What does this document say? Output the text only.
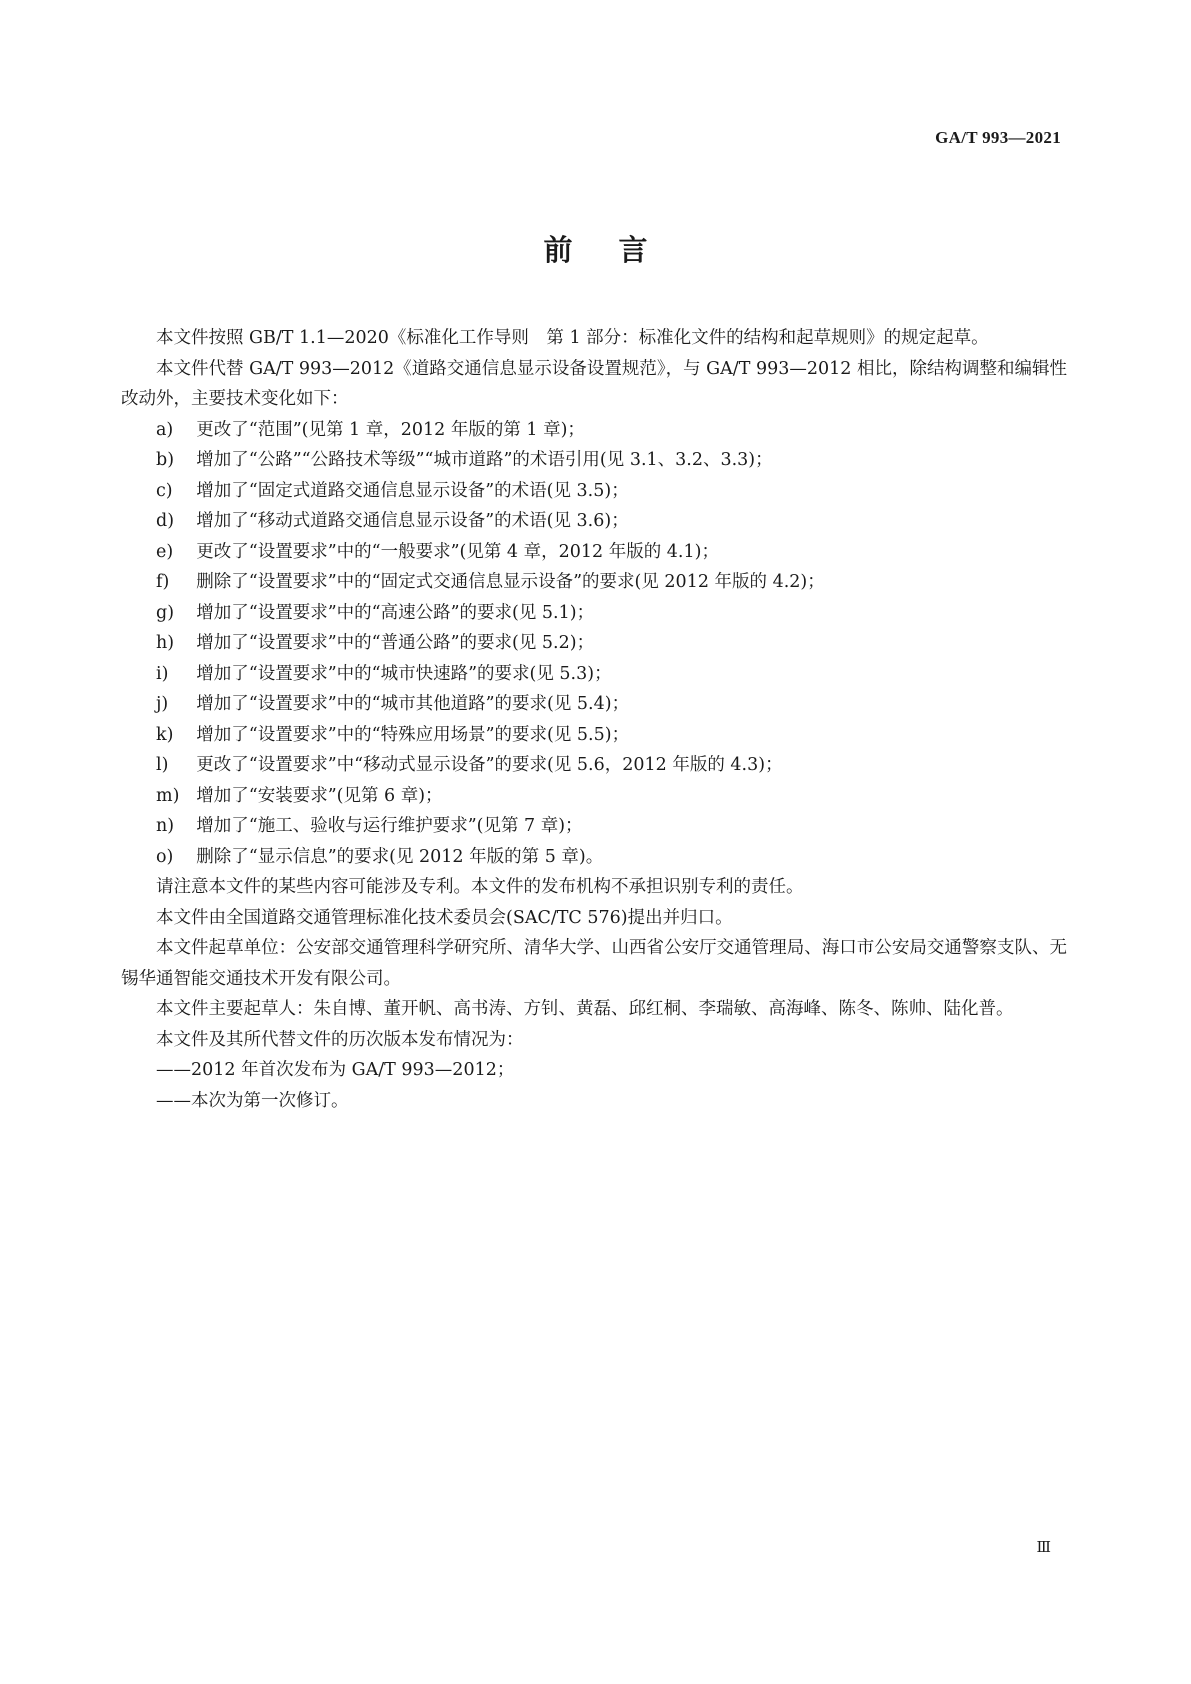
GA/T 993—2021
前言

本文件按照 GB/T 1.1—2020《标准化工作导则　第 1 部分：标准化文件的结构和起草规则》的规定起草。

本文件代替 GA/T 993—2012《道路交通信息显示设备设置规范》，与 GA/T 993—2012 相比，除结构调整和编辑性改动外，主要技术变化如下：

a) 更改了“范围”(见第 1 章，2012 年版的第 1 章)；

b) 增加了“公路”“公路技术等级”“城市道路”的术语引用(见 3.1、3.2、3.3)；

c) 增加了“固定式道路交通信息显示设备”的术语(见 3.5)；

d) 增加了“移动式道路交通信息显示设备”的术语(见 3.6)；

e) 更改了“设置要求”中的“一般要求”(见第 4 章，2012 年版的 4.1)；

f) 删除了“设置要求”中的“固定式交通信息显示设备”的要求(见 2012 年版的 4.2)；

g) 增加了“设置要求”中的“高速公路”的要求(见 5.1)；

h) 增加了“设置要求”中的“普通公路”的要求(见 5.2)；

i) 增加了“设置要求”中的“城市快速路”的要求(见 5.3)；

j) 增加了“设置要求”中的“城市其他道路”的要求(见 5.4)；

k) 增加了“设置要求”中的“特殊应用场景”的要求(见 5.5)；

l) 更改了“设置要求”中“移动式显示设备”的要求(见 5.6，2012 年版的 4.3)；

m) 增加了“安装要求”(见第 6 章)；

n) 增加了“施工、验收与运行维护要求”(见第 7 章)；

o) 删除了“显示信息”的要求(见 2012 年版的第 5 章)。

请注意本文件的某些内容可能涉及专利。本文件的发布机构不承担识别专利的责任。

本文件由全国道路交通管理标准化技术委员会(SAC/TC 576)提出并归口。

本文件起草单位：公安部交通管理科学研究所、清华大学、山西省公安厅交通管理局、海口市公安局交通警察支队、无锡华通智能交通技术开发有限公司。

本文件主要起草人：朱自博、董开帆、高书涛、方钊、黄磊、邱红桐、李瑞敏、高海峰、陈冬、陈帅、陆化普。

本文件及其所代替文件的历次版本发布情况为：

——2012 年首次发布为 GA/T 993—2012；

——本次为第一次修订。

Ⅲ
